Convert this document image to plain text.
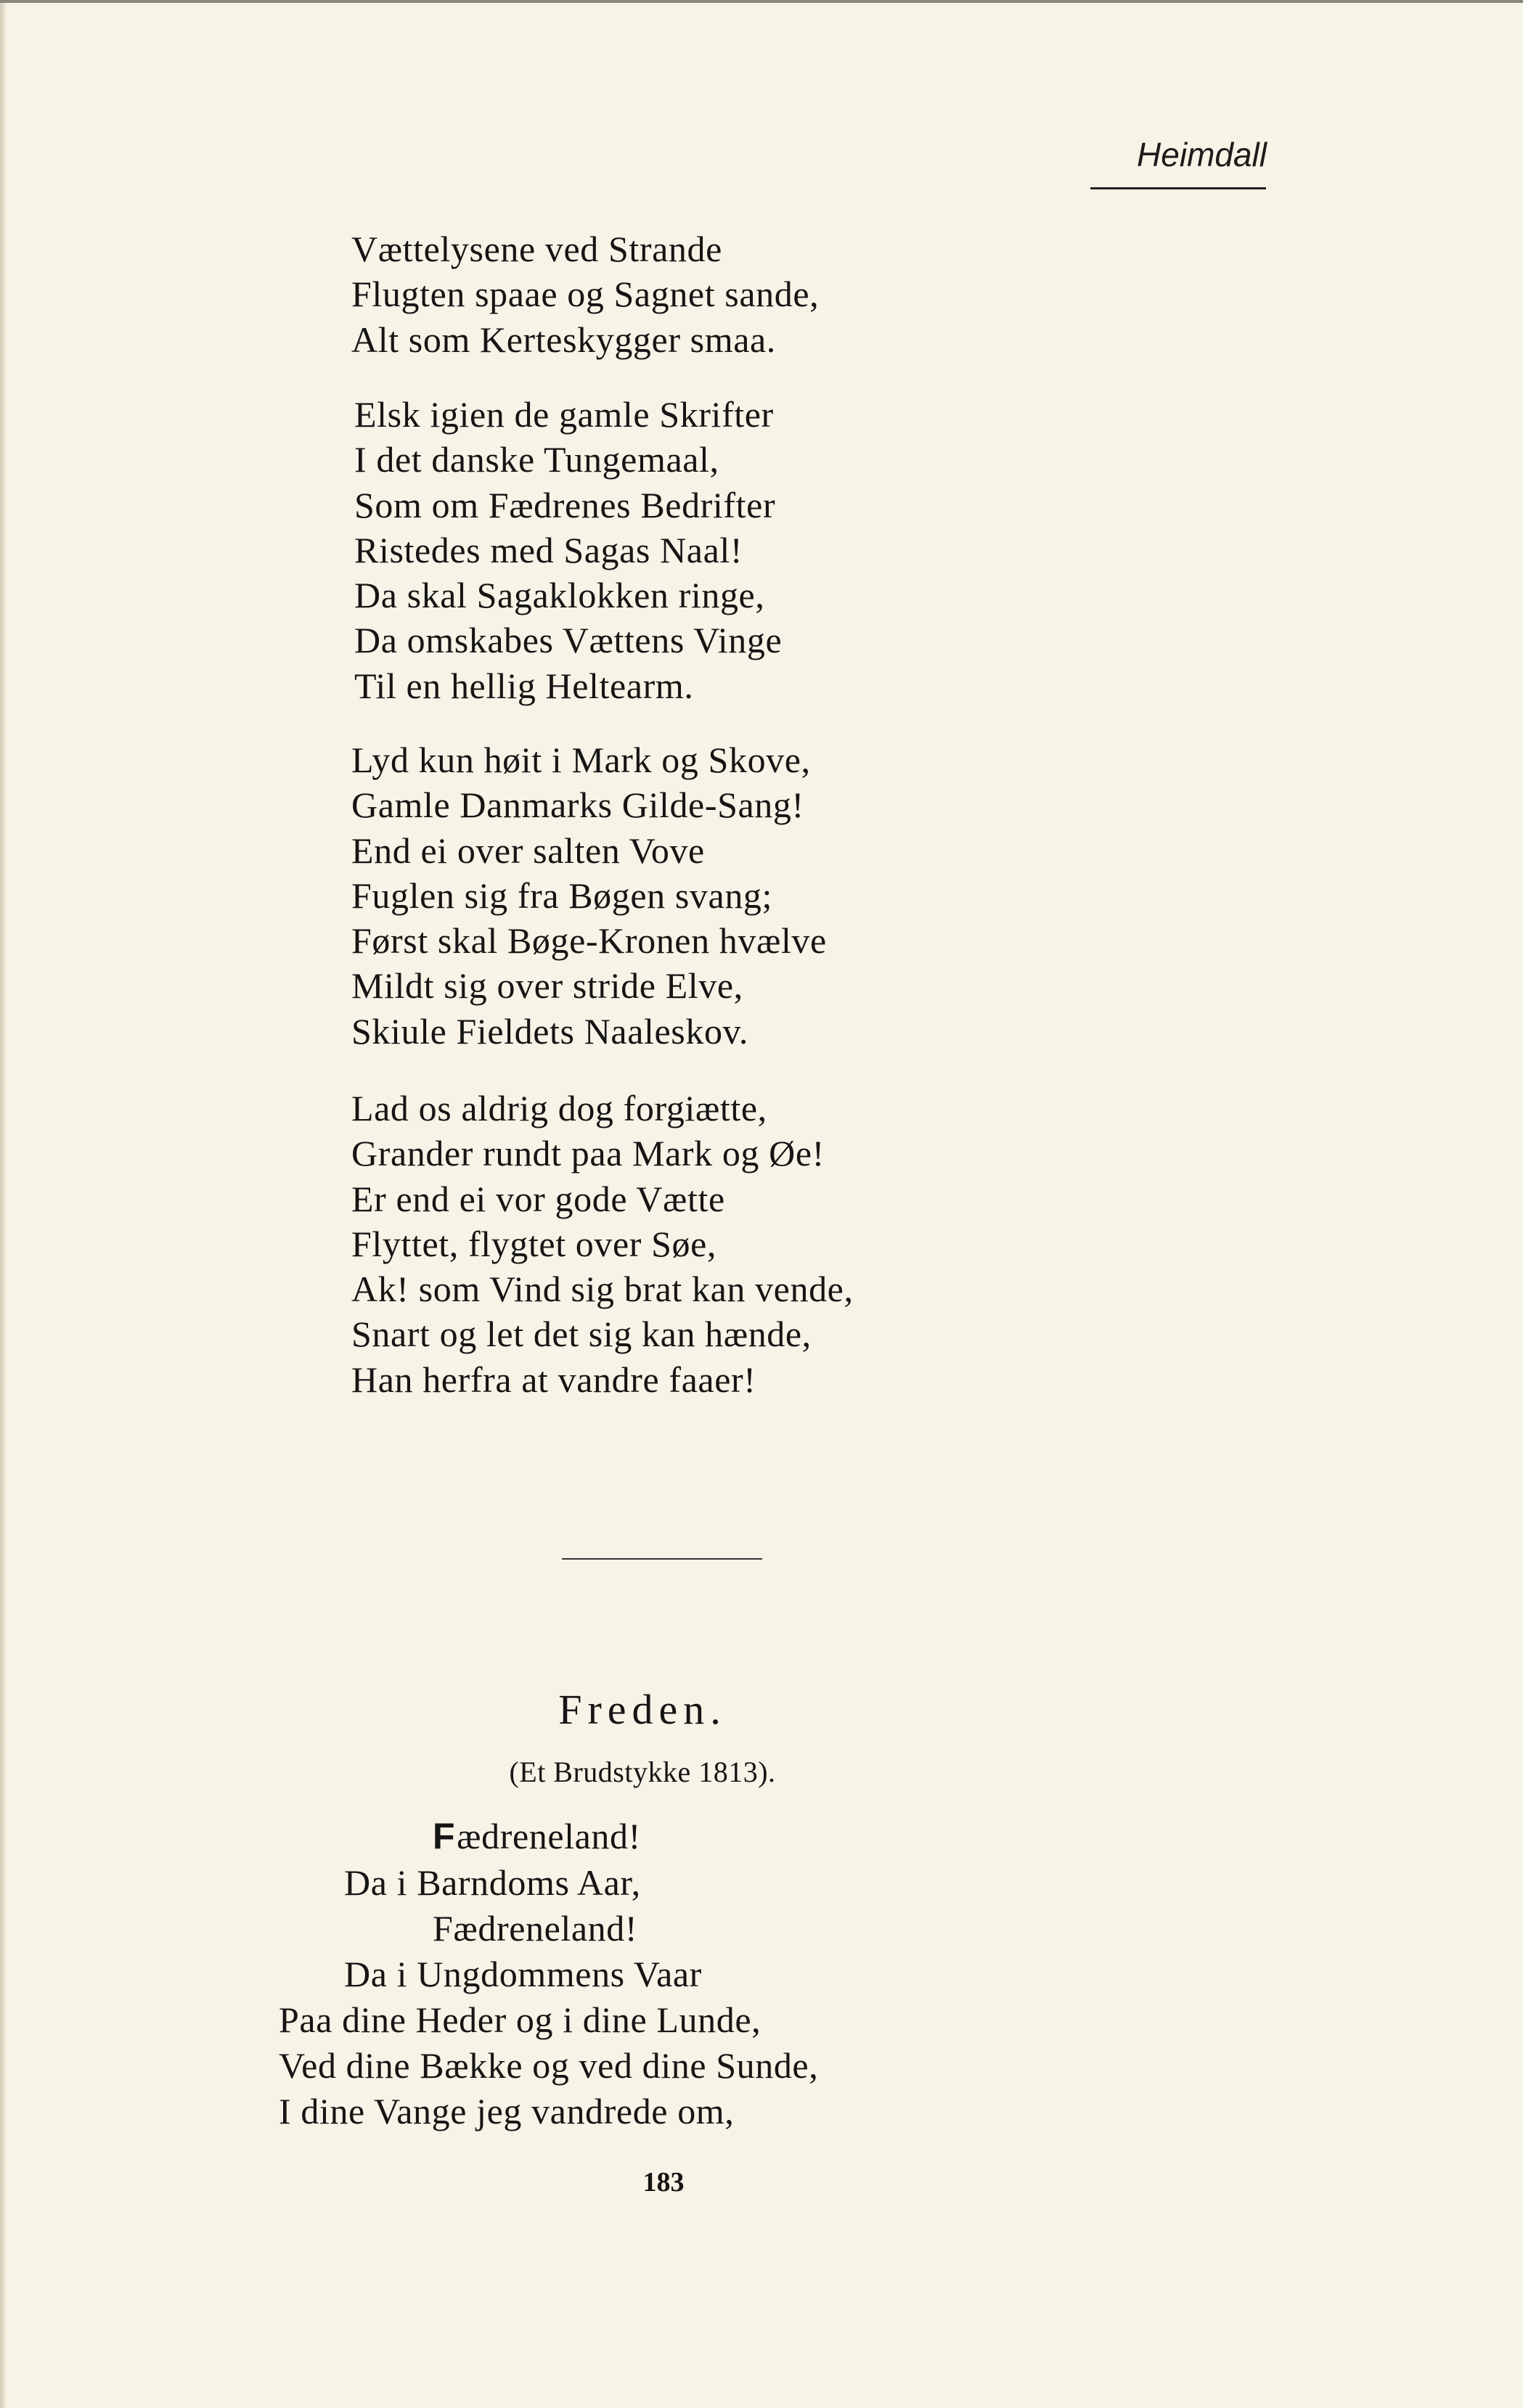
Heimdall
Vættelysene ved Strande
Flugten spaae og Sagnet sande,
Alt som Kerteskygger smaa.
Elsk igien de gamle Skrifter
I det danske Tungemaal,
Som om Fædrenes Bedrifter
Ristedes med Sagas Naal!
Da skal Sagaklokken ringe,
Da omskabes Vættens Vinge
Til en hellig Heltearm.
Lyd kun høit i Mark og Skove,
Gamle Danmarks Gilde-Sang!
End ei over salten Vove
Fuglen sig fra Bøgen svang;
Først skal Bøge-Kronen hvælve
Mildt sig over stride Elve,
Skiule Fieldets Naaleskov.
Lad os aldrig dog forgiætte,
Grander rundt paa Mark og Øe!
Er end ei vor gode Vætte
Flyttet, flygtet over Søe,
Ak! som Vind sig brat kan vende,
Snart og let det sig kan hænde,
Han herfra at vandre faaer!
Freden.
(Et Brudstykke 1813).
Fædreneland!
Da i Barndoms Aar,
Fædreneland!
Da i Ungdommens Vaar
Paa dine Heder og i dine Lunde,
Ved dine Bække og ved dine Sunde,
I dine Vange jeg vandrede om,
183
